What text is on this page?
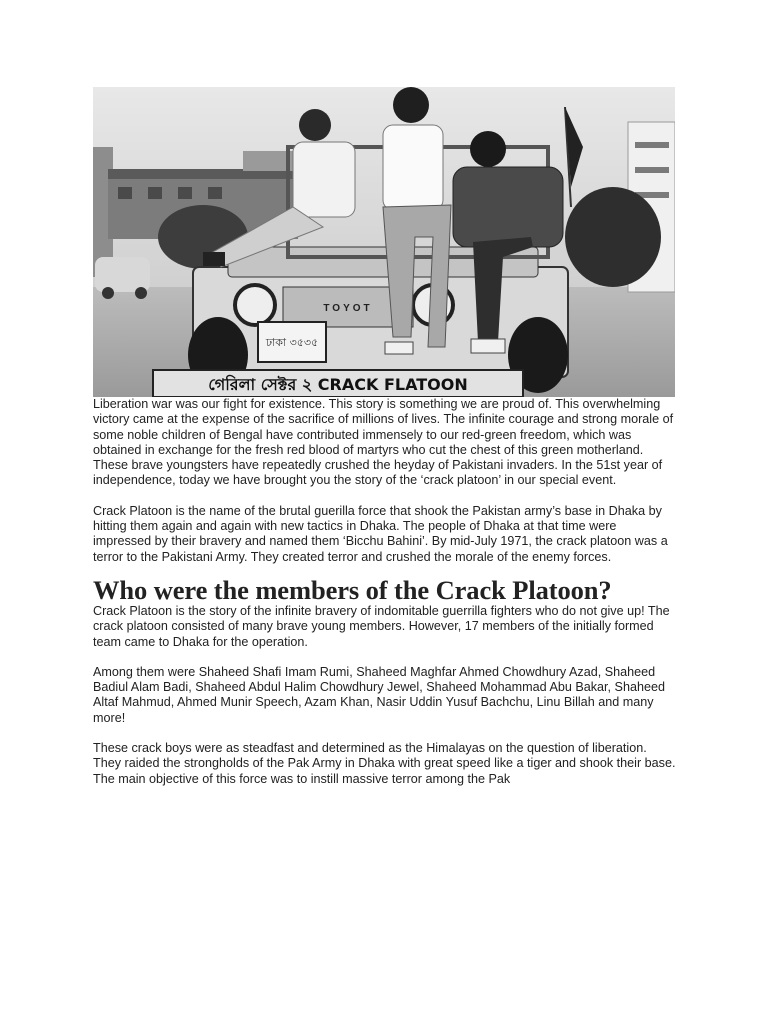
TOYOT
ঢাকা ৩৫৩৫
গেরিলা সেক্টর ২ CRACK FLATOON

Liberation war was our fight for existence. This story is something we are proud of. This overwhelming victory came at the expense of the sacrifice of millions of lives. The infinite courage and strong morale of some noble children of Bengal have contributed immensely to our red-green freedom, which was obtained in exchange for the fresh red blood of martyrs who cut the chest of this green motherland. These brave youngsters have repeatedly crushed the heyday of Pakistani invaders. In the 51st year of independence, today we have brought you the story of the ‘crack platoon’ in our special event.

Crack Platoon is the name of the brutal guerilla force that shook the Pakistan army’s base in Dhaka by hitting them again and again with new tactics in Dhaka. The people of Dhaka at that time were impressed by their bravery and named them ‘Bicchu Bahini’. By mid-July 1971, the crack platoon was a terror to the Pakistani Army. They created terror and crushed the morale of the enemy forces.

Who were the members of the Crack Platoon?

Crack Platoon is the story of the infinite bravery of indomitable guerrilla fighters who do not give up! The crack platoon consisted of many brave young members. However, 17 members of the initially formed team came to Dhaka for the operation.

Among them were Shaheed Shafi Imam Rumi, Shaheed Maghfar Ahmed Chowdhury Azad, Shaheed Badiul Alam Badi, Shaheed Abdul Halim Chowdhury Jewel, Shaheed Mohammad Abu Bakar, Shaheed Altaf Mahmud, Ahmed Munir Speech, Azam Khan, Nasir Uddin Yusuf Bachchu, Linu Billah and many more!

These crack boys were as steadfast and determined as the Himalayas on the question of liberation. They raided the strongholds of the Pak Army in Dhaka with great speed like a tiger and shook their base. The main objective of this force was to instill massive terror among the Pak
